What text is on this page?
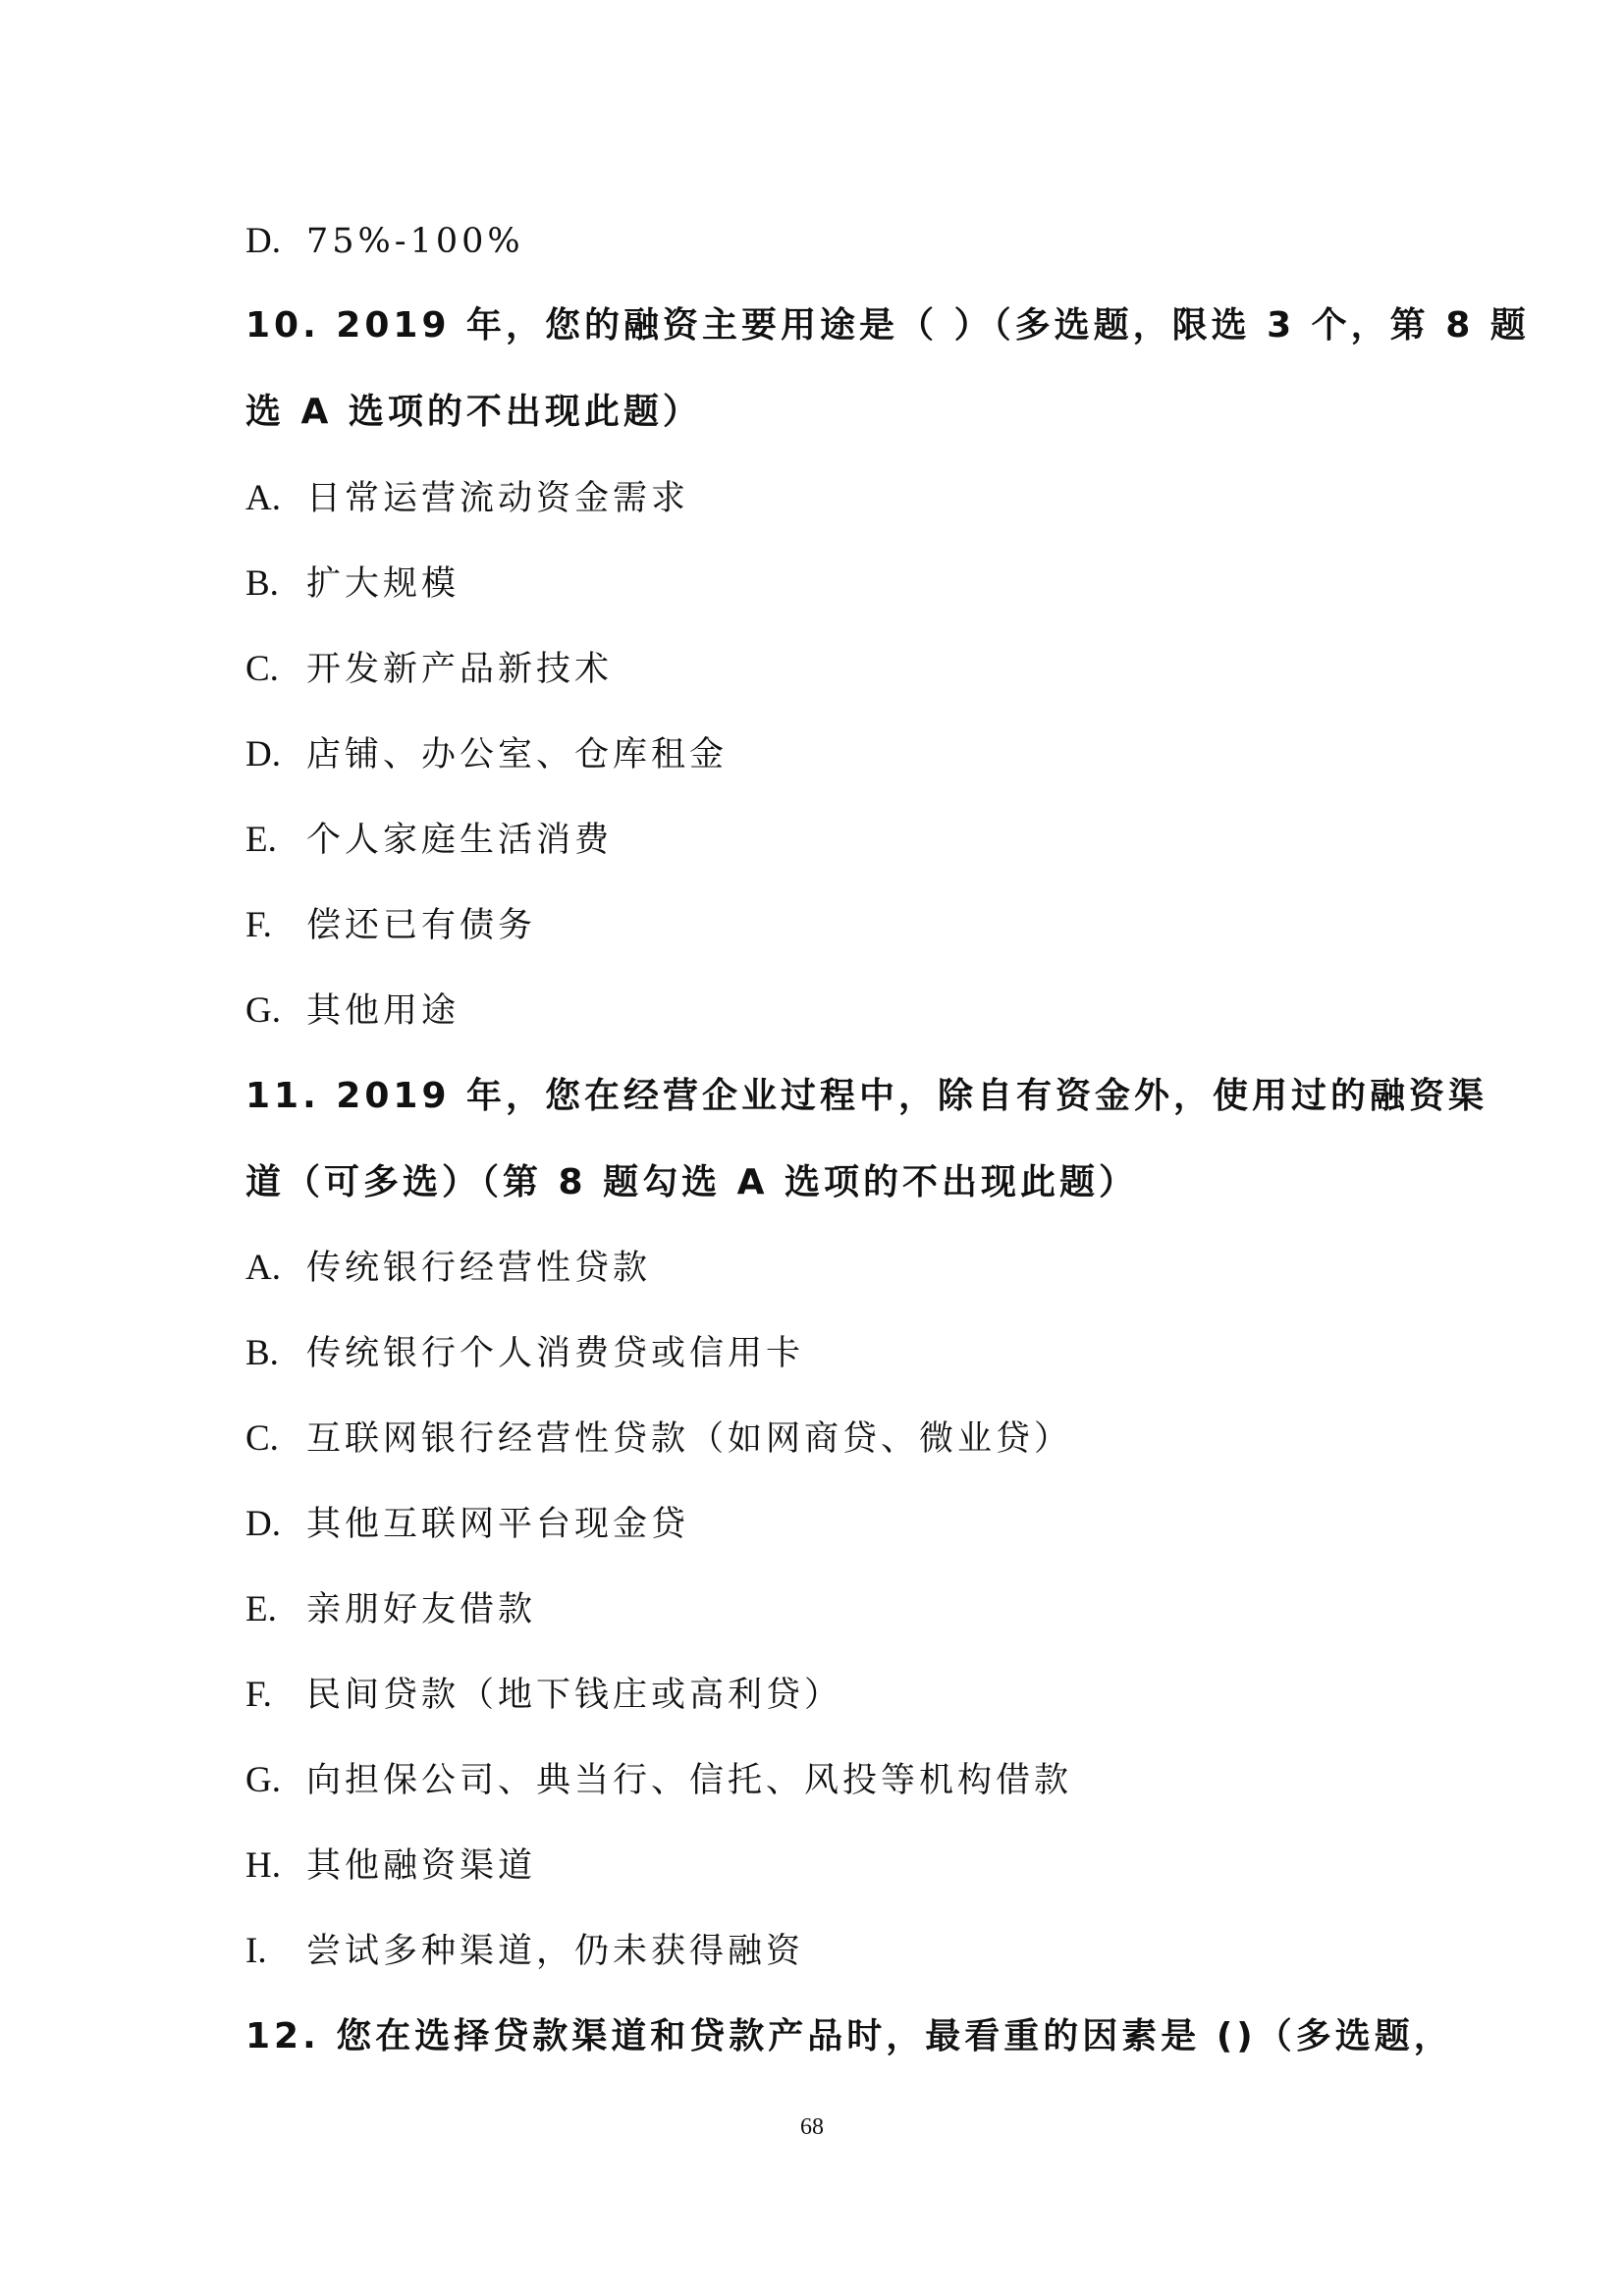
D. 75%-100%
10. 2019 年，您的融资主要用途是（ ）（多选题，限选 3 个，第 8 题
选 A 选项的不出现此题）
A. 日常运营流动资金需求
B. 扩大规模
C. 开发新产品新技术
D. 店铺、办公室、仓库租金
E. 个人家庭生活消费
F. 偿还已有债务
G. 其他用途
11. 2019 年，您在经营企业过程中，除自有资金外，使用过的融资渠
道（可多选）（第 8 题勾选 A 选项的不出现此题）
A. 传统银行经营性贷款
B. 传统银行个人消费贷或信用卡
C. 互联网银行经营性贷款（如网商贷、微业贷）
D. 其他互联网平台现金贷
E. 亲朋好友借款
F. 民间贷款（地下钱庄或高利贷）
G. 向担保公司、典当行、信托、风投等机构借款
H. 其他融资渠道
I. 尝试多种渠道，仍未获得融资
12. 您在选择贷款渠道和贷款产品时，最看重的因素是 ()（多选题，
68
